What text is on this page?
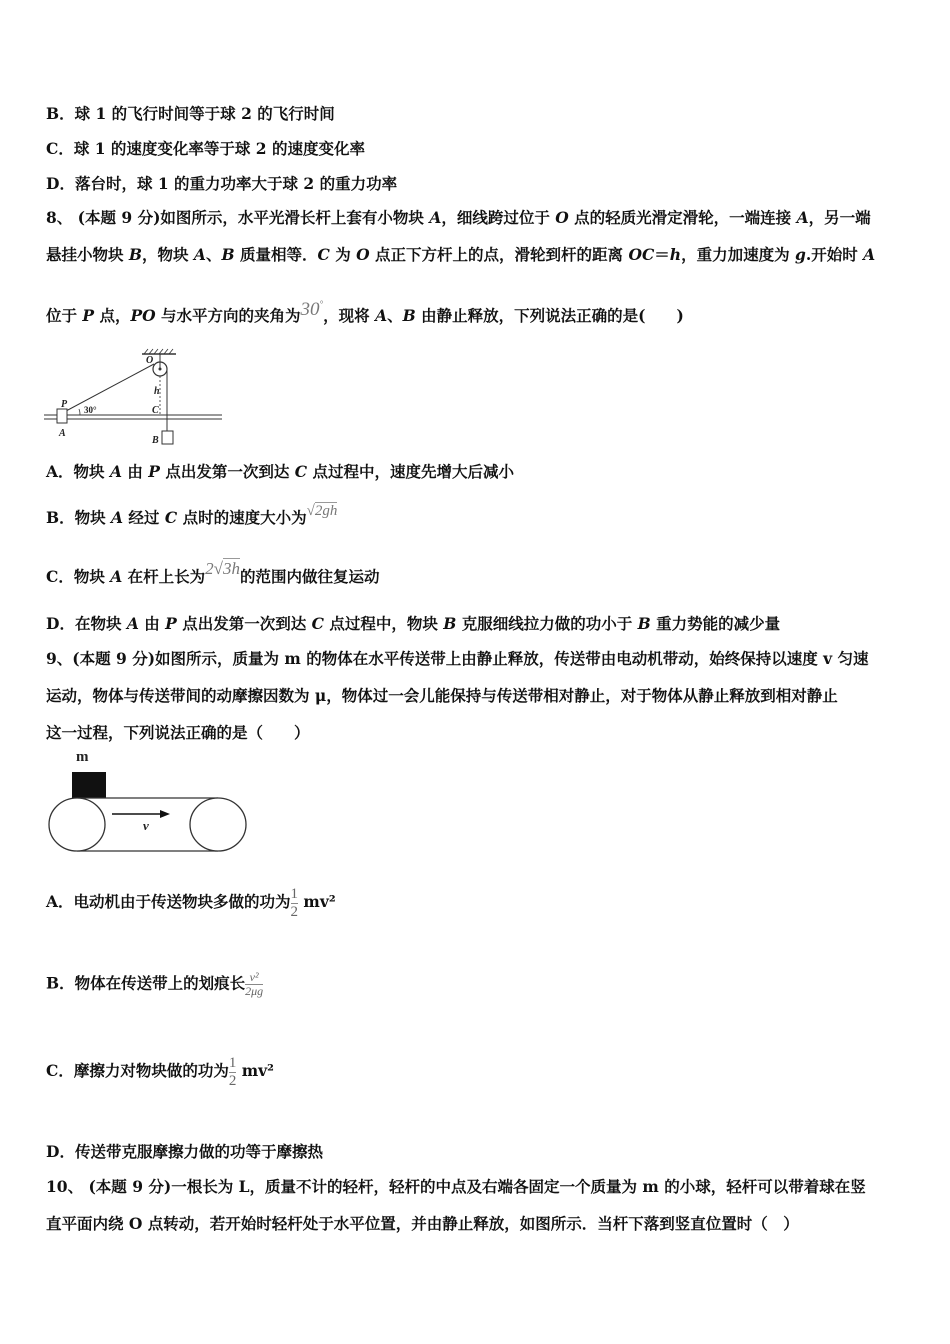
B．球 1 的飞行时间等于球 2 的飞行时间
C．球 1 的速度变化率等于球 2 的速度变化率
D．落台时，球 1 的重力功率大于球 2 的重力功率
8、 (本题 9 分)如图所示，水平光滑长杆上套有小物块 A，细线跨过位于 O 点的轻质光滑定滑轮，一端连接 A，另一端
悬挂小物块 B，物块 A、B 质量相等．C 为 O 点正下方杆上的点，滑轮到杆的距离 OC＝h，重力加速度为 g.开始时 A
位于 P 点，PO 与水平方向的夹角为30°，现将 A、B 由静止释放，下列说法正确的是(　　)
O
h
P 30°	C
A
B
A．物块 A 由 P 点出发第一次到达 C 点过程中，速度先增大后减小
B．物块 A 经过 C 点时的速度大小为√2gh
C．物块 A 在杆上长为2√3h的范围内做往复运动
D．在物块 A 由 P 点出发第一次到达 C 点过程中，物块 B 克服细线拉力做的功小于 B 重力势能的减少量
9、(本题 9 分)如图所示，质量为 m 的物体在水平传送带上由静止释放，传送带由电动机带动，始终保持以速度 v 匀速
运动，物体与传送带间的动摩擦因数为 μ，物体过一会儿能保持与传送带相对静止，对于物体从静止释放到相对静止
这一过程，下列说法正确的是（　　）
m
v
A．电动机由于传送物块多做的功为 $\frac{1}{2} mv^2$
B．物体在传送带上的划痕长 $\frac{\text{v²}}{2\mu g}$
C．摩擦力对物块做的功为 $\frac{1}{2} mv^2$
D．传送带克服摩擦力做的功等于摩擦热
10、 (本题 9 分)一根长为 L，质量不计的轻杆，轻杆的中点及右端各固定一个质量为 m 的小球，轻杆可以带着球在竖
直平面内绕 O 点转动，若开始时轻杆处于水平位置，并由静止释放，如图所示．当杆下落到竖直位置时（　）
